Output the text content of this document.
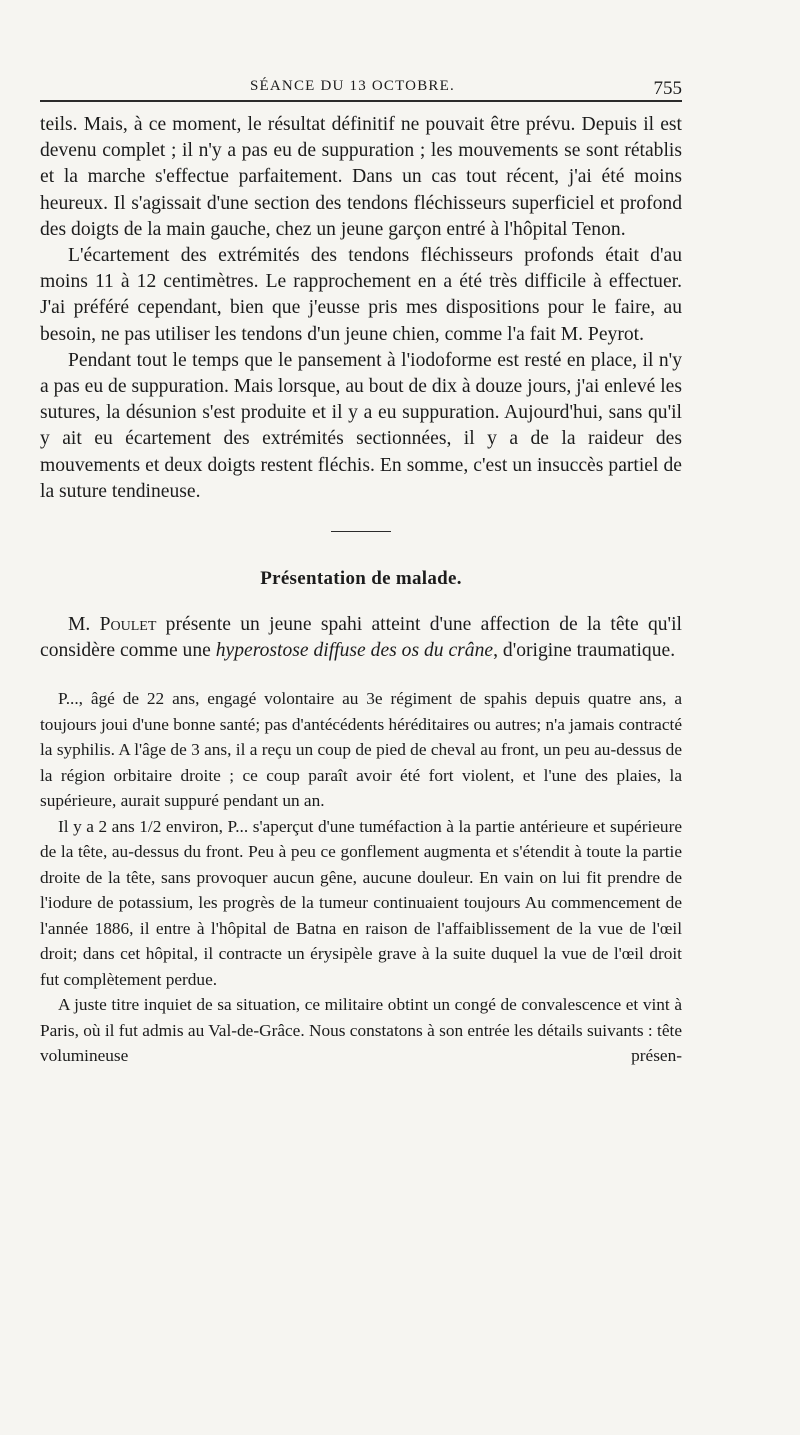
SÉANCE DU 13 OCTOBRE.	755

teils. Mais, à ce moment, le résultat définitif ne pouvait être prévu. Depuis il est devenu complet ; il n'y a pas eu de suppuration ; les mouvements se sont rétablis et la marche s'effectue parfaitement. Dans un cas tout récent, j'ai été moins heureux. Il s'agissait d'une section des tendons fléchisseurs superficiel et profond des doigts de la main gauche, chez un jeune garçon entré à l'hôpital Tenon.

L'écartement des extrémités des tendons fléchisseurs profonds était d'au moins 11 à 12 centimètres. Le rapprochement en a été très difficile à effectuer. J'ai préféré cependant, bien que j'eusse pris mes dispositions pour le faire, au besoin, ne pas utiliser les tendons d'un jeune chien, comme l'a fait M. Peyrot.

Pendant tout le temps que le pansement à l'iodoforme est resté en place, il n'y a pas eu de suppuration. Mais lorsque, au bout de dix à douze jours, j'ai enlevé les sutures, la désunion s'est produite et il y a eu suppuration. Aujourd'hui, sans qu'il y ait eu écartement des extrémités sectionnées, il y a de la raideur des mouvements et deux doigts restent fléchis. En somme, c'est un insuccès partiel de la suture tendineuse.

Présentation de malade.

M. Poulet présente un jeune spahi atteint d'une affection de la tête qu'il considère comme une hyperostose diffuse des os du crâne, d'origine traumatique.

P..., âgé de 22 ans, engagé volontaire au 3e régiment de spahis depuis quatre ans, a toujours joui d'une bonne santé; pas d'antécédents héréditaires ou autres; n'a jamais contracté la syphilis. A l'âge de 3 ans, il a reçu un coup de pied de cheval au front, un peu au-dessus de la région orbitaire droite ; ce coup paraît avoir été fort violent, et l'une des plaies, la supérieure, aurait suppuré pendant un an.

Il y a 2 ans 1/2 environ, P... s'aperçut d'une tuméfaction à la partie antérieure et supérieure de la tête, au-dessus du front. Peu à peu ce gonflement augmenta et s'étendit à toute la partie droite de la tête, sans provoquer aucun gêne, aucune douleur. En vain on lui fit prendre de l'iodure de potassium, les progrès de la tumeur continuaient toujours Au commencement de l'année 1886, il entre à l'hôpital de Batna en raison de l'affaiblissement de la vue de l'œil droit; dans cet hôpital, il contracte un érysipèle grave à la suite duquel la vue de l'œil droit fut complètement perdue.

A juste titre inquiet de sa situation, ce militaire obtint un congé de convalescence et vint à Paris, où il fut admis au Val-de-Grâce. Nous constatons à son entrée les détails suivants : tête volumineuse présen-
